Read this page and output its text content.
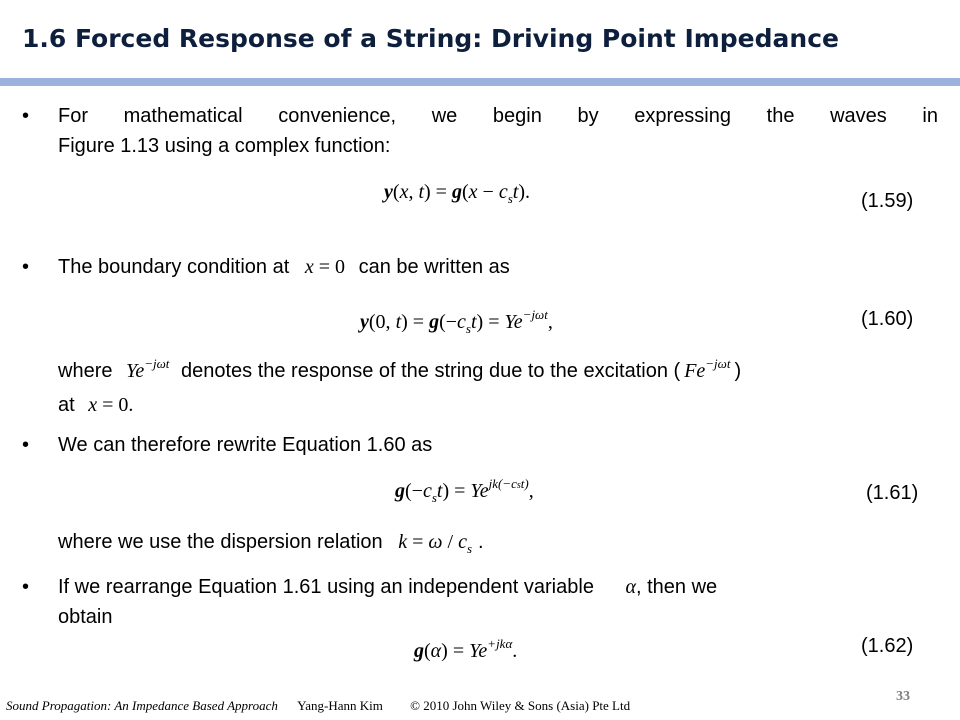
1.6 Forced Response of a String: Driving Point Impedance
• For mathematical convenience, we begin by expressing the waves in
Figure 1.13 using a complex function:
y(x, $t) = g(x - c_st)$.	(1.59)
• The boundary condition at x = 0 can be written as
y(0, $t) = g(-c_st) = Ye^{-j\omega t}$,	(1.60)
where $Ye^{-j\omega t}$ denotes the response of the string due to the excitation ( $Fe^{-j\omega t}$ )
at x = 0.
• We can therefore rewrite Equation 1.60 as
$g(-c_st) = Ye^{jk(-cst)}$,	(1.61)
where we use the dispersion relation $k = \omega / c_s$ .
• If we rearrange Equation 1.61 using an independent variable α, then we
obtain
$g(\alpha) = Ye^{+jk\alpha}$.	(1.62)
Sound Propagation: An Impedance Based Approach Yang-Hann Kim © 2010 John Wiley & Sons (Asia) Pte Ltd
33
